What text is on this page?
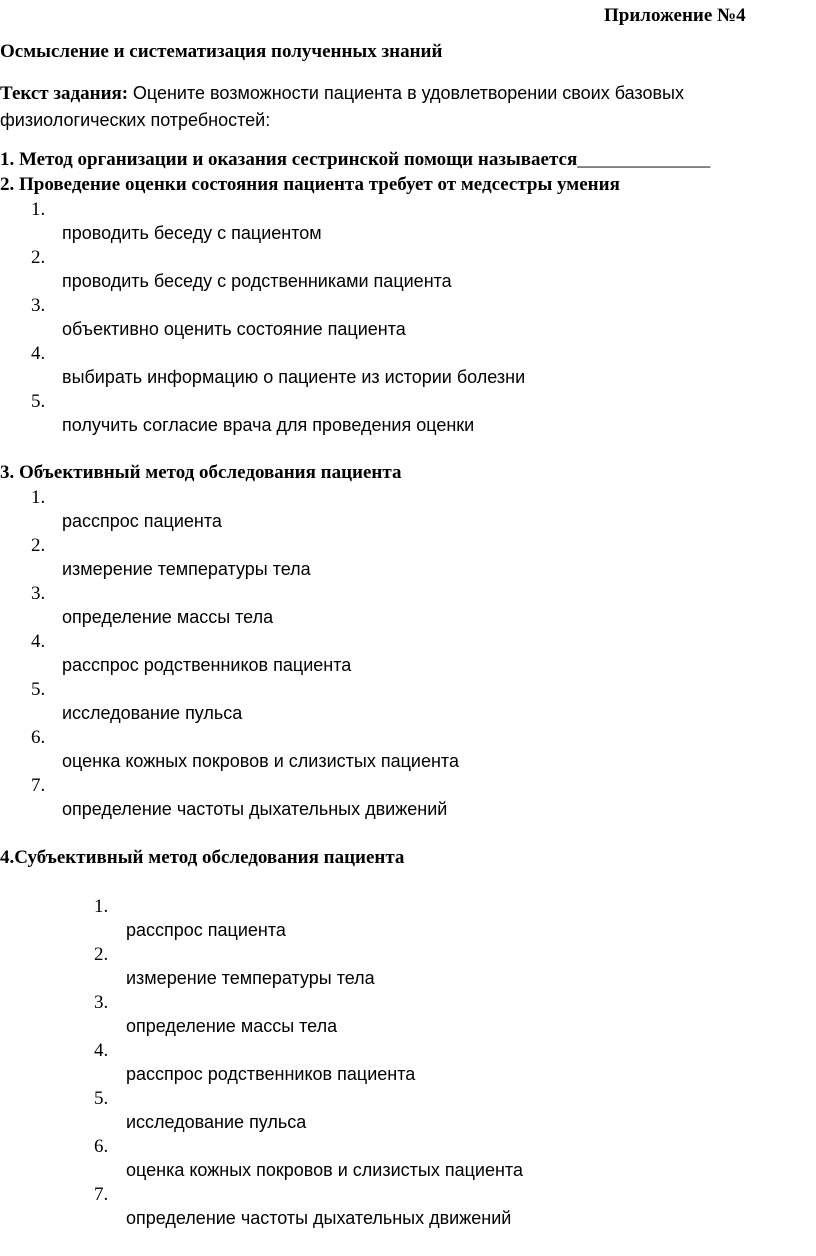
Приложение №4
Осмысление и систематизация полученных знаний
Текст задания: Оцените возможности пациента в удовлетворении своих базовых
физиологических потребностей:
1. Метод организации и оказания сестринской помощи называется______________
2. Проведение оценки состояния пациента требует от медсестры умения
1.
проводить беседу с пациентом
2.
проводить беседу с родственниками пациента
3.
объективно оценить состояние пациента
4.
выбирать информацию о пациенте из истории болезни
5.
получить согласие врача для проведения оценки
3. Объективный метод обследования пациента
1.
расспрос пациента
2.
измерение температуры тела
3.
определение массы тела
4.
расспрос родственников пациента
5.
исследование пульса
6.
оценка кожных покровов и слизистых пациента
7.
определение частоты дыхательных движений
4.Субъективный метод обследования пациента
1.
расспрос пациента
2.
измерение температуры тела
3.
определение массы тела
4.
расспрос родственников пациента
5.
исследование пульса
6.
оценка кожных покровов и слизистых пациента
7.
определение частоты дыхательных движений
